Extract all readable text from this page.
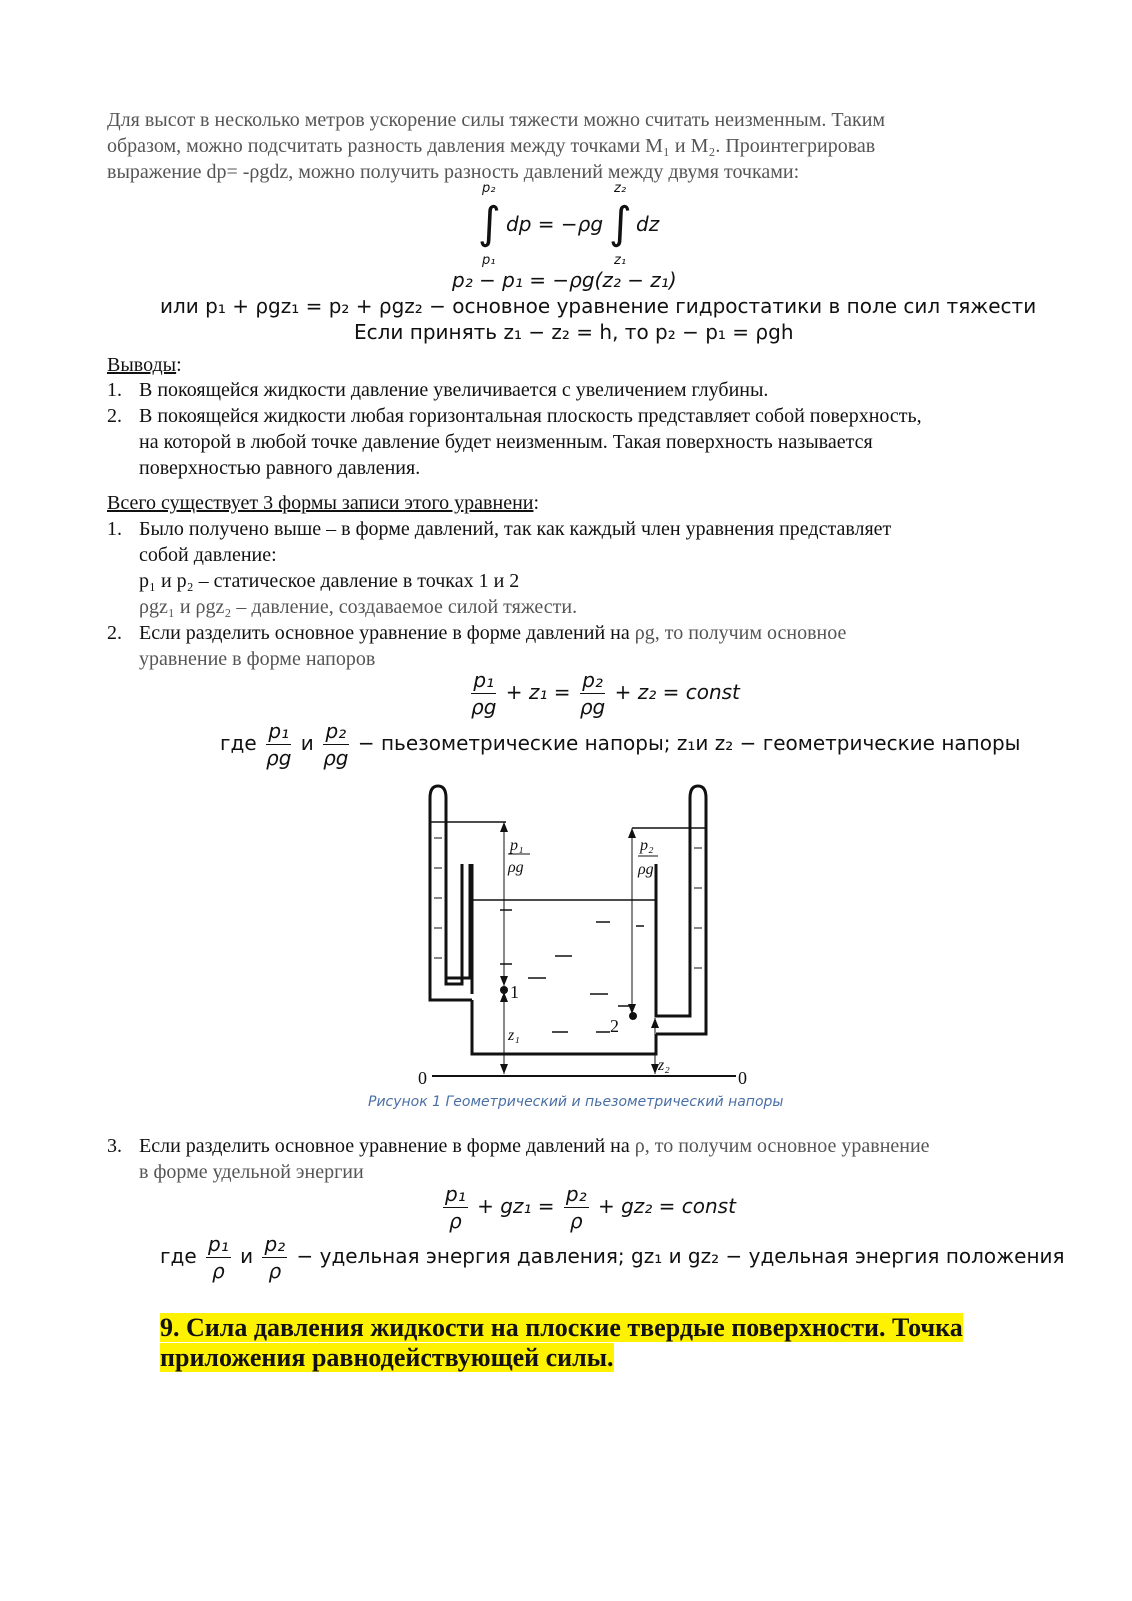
Для высот в несколько метров ускорение силы тяжести можно считать неизменным. Таким
образом, можно подсчитать разность давления между точками М₁ и М₂. Проинтегрировав
выражение dp= -ρgdz, можно получить разность давлений между двумя точками:
p₂
∫
p₁
dp = −ρg
z₂
∫
z₁
dz
p₂ − p₁ = −ρg(z₂ − z₁)
или p₁ + ρgz₁ = p₂ + ρgz₂ − основное уравнение гидростатики в поле сил тяжести
Если принять z₁ − z₂ = h, то p₂ − p₁ = ρgh
Выводы:
1. В покоящейся жидкости давление увеличивается с увеличением глубины.
2. В покоящейся жидкости любая горизонтальная плоскость представляет собой поверхность,
на которой в любой точке давление будет неизменным. Такая поверхность называется
поверхностью равного давления.
Всего существует 3 формы записи этого уравнени:
1. Было получено выше – в форме давлений, так как каждый член уравнения представляет
собой давление:
p₁ и p₂ – статическое давление в точках 1 и 2
ρgz₁ и ρgz₂ – давление, создаваемое силой тяжести.
2. Если разделить основное уравнение в форме давлений на ρg, то получим основное
уравнение в форме напоров
$\frac{\text{p₁}}{\rho g} + z_1 = \frac{\text{p₂}}{\rho g} + z_2$ = const
где $\frac{\text{p₁}}{\rho g}$ и $\frac{\text{p₂}}{\rho g}$ − пьезометрические напоры; z₁и z₂ − геометрические напоры
p₁
ρg
p₂
ρg
1
2
z₁
z₂
0	0
Рисунок 1 Геометрический и пьезометрический напоры
3. Если разделить основное уравнение в форме давлений на ρ, то получим основное уравнение
в форме удельной энергии
$\frac{\text{p₁}}{\rho} + gz_1 = \frac{\text{p₂}}{\rho} + gz_2$ = const
где $\frac{\text{p₁}}{\rho}$ и $\frac{\text{p₂}}{\rho}$ − удельная энергия давления; gz₁ и gz₂ − удельная энергия положения
9. Сила давления жидкости на плоские твердые поверхности. Точка приложения равнодействующей силы.
